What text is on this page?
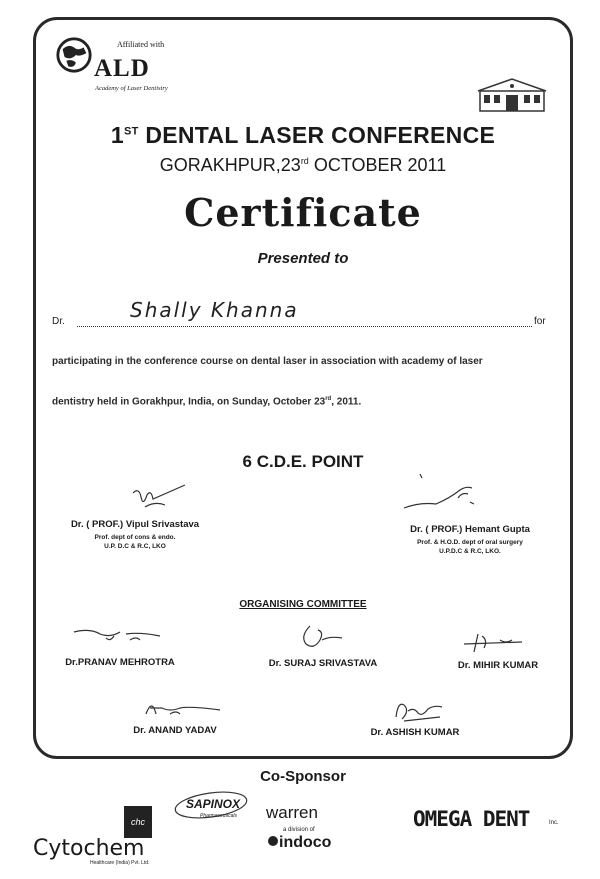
Affiliated with
ALD
Academy of Laser Dentistry
1ST DENTAL LASER CONFERENCE
GORAKHPUR,23rd OCTOBER 2011
Certificate
Presented to
Dr.	Shally Khanna	for
participating in the conference course on dental laser in association with academy of laser
dentistry held in Gorakhpur, India, on Sunday, October 23rd, 2011.
6 C.D.E. POINT
Dr. ( PROF.) Vipul Srivastava
Prof. dept of cons & endo.
U.P. D.C & R.C, LKO
Dr. ( PROF.) Hemant Gupta
Prof. & H.O.D. dept of oral surgery
U.P.D.C & R.C, LKO.
ORGANISING COMMITTEE
Dr.PRANAV MEHROTRA	Dr. SURAJ SRIVASTAVA	Dr. MIHIR KUMAR
Dr. ANAND YADAV	Dr. ASHISH KUMAR
Co-Sponsor
chc
Cytochem
Healthcare (India) Pvt. Ltd.
SAPINOX
Pharmaceuticals warren
a division of
indoco
OMEGA DENT	Inc.
